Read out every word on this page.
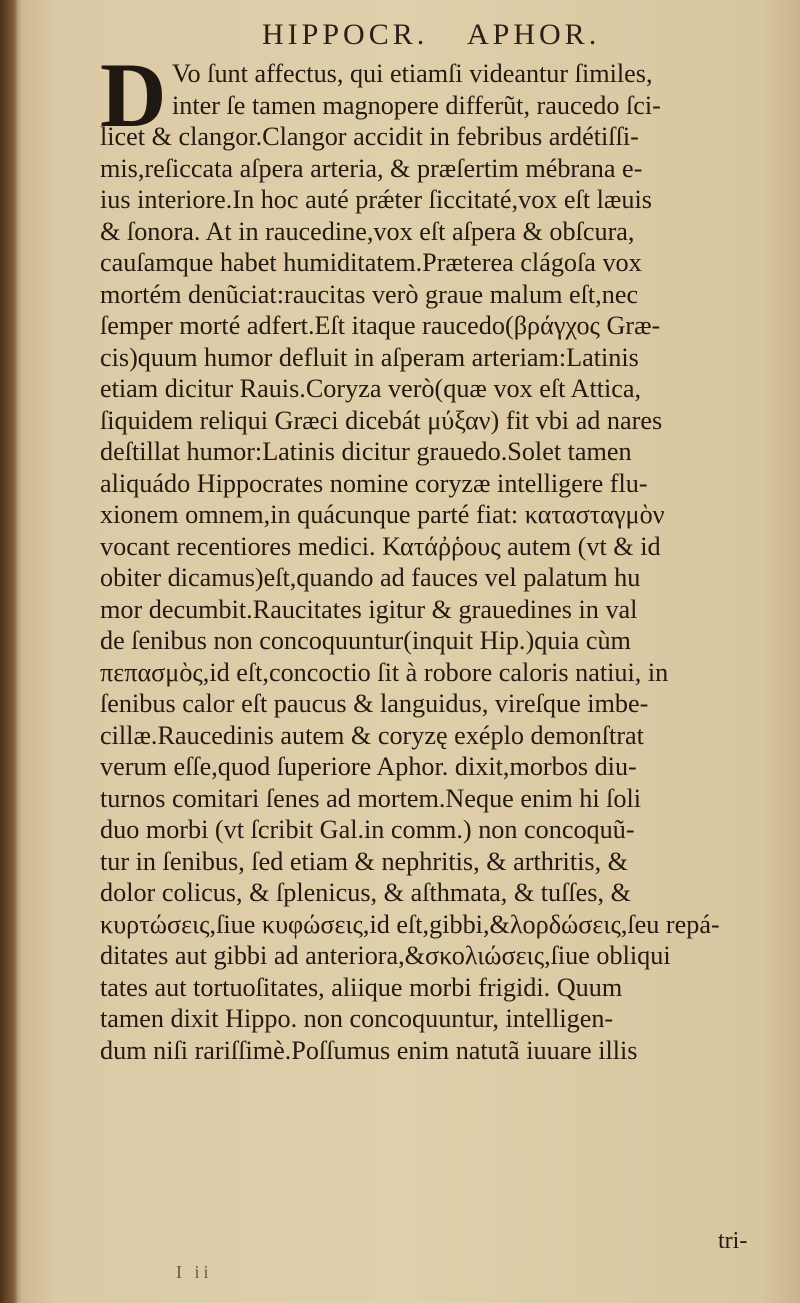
HIPPOCR. APHOR.
D Vo ſunt affectus, qui etiamſi videantur ſimiles,
inter ſe tamen magnopere differũt, raucedo ſci-
licet & clangor.Clangor accidit in febribus ardétiſſi-
mis,reſiccata aſpera arteria, & præſertim mébrana e-
ius interiore.In hoc auté prǽter ſiccitaté,vox eſt læuis
& ſonora. At in raucedine,vox eſt aſpera & obſcura,
cauſamque habet humiditatem.Præterea clágoſa vox
mortém denũciat:raucitas verò graue malum eſt,nec
ſemper morté adfert.Eſt itaque raucedo(βράγχος Græ-
cis)quum humor defluit in aſperam arteriam:Latinis
etiam dicitur Rauis.Coryza verò(quæ vox eſt Attica,
ſiquidem reliqui Græci dicebát μύξαν) fit vbi ad nares
deſtillat humor:Latinis dicitur grauedo.Solet tamen
aliquádo Hippocrates nomine coryzæ intelligere flu-
xionem omnem,in quácunque parté fiat: κατασταγμὸν
vocant recentiores medici. Κατάῤῥους autem (vt & id
obiter dicamus)eſt,quando ad fauces vel palatum hu
mor decumbit.Raucitates igitur & grauedines in val
de ſenibus non concoquuntur(inquit Hip.)quia cùm
πεπασμὸς,id eſt,concoctio ſit à robore caloris natiui, in
ſenibus calor eſt paucus & languidus, vireſque imbe-
cillæ.Raucedinis autem & coryzę exéplo demonſtrat
verum eſſe,quod ſuperiore Aphor. dixit,morbos diu-
turnos comitari ſenes ad mortem.Neque enim hi ſoli
duo morbi (vt ſcribit Gal.in comm.) non concoquũ-
tur in ſenibus, ſed etiam & nephritis, & arthritis, &
dolor colicus, & ſplenicus, & aſthmata, & tuſſes, &
κυρτώσεις,ſiue κυφώσεις,id eſt,gibbi,&λορδώσεις,ſeu repá-
ditates aut gibbi ad anteriora,&σκολιώσεις,ſiue obliqui
tates aut tortuoſitates, aliique morbi frigidi. Quum
tamen dixit Hippo. non concoquuntur, intelligen-
dum niſi rariſſimè.Poſſumus enim natutã iuuare illis
tri-
I ii
